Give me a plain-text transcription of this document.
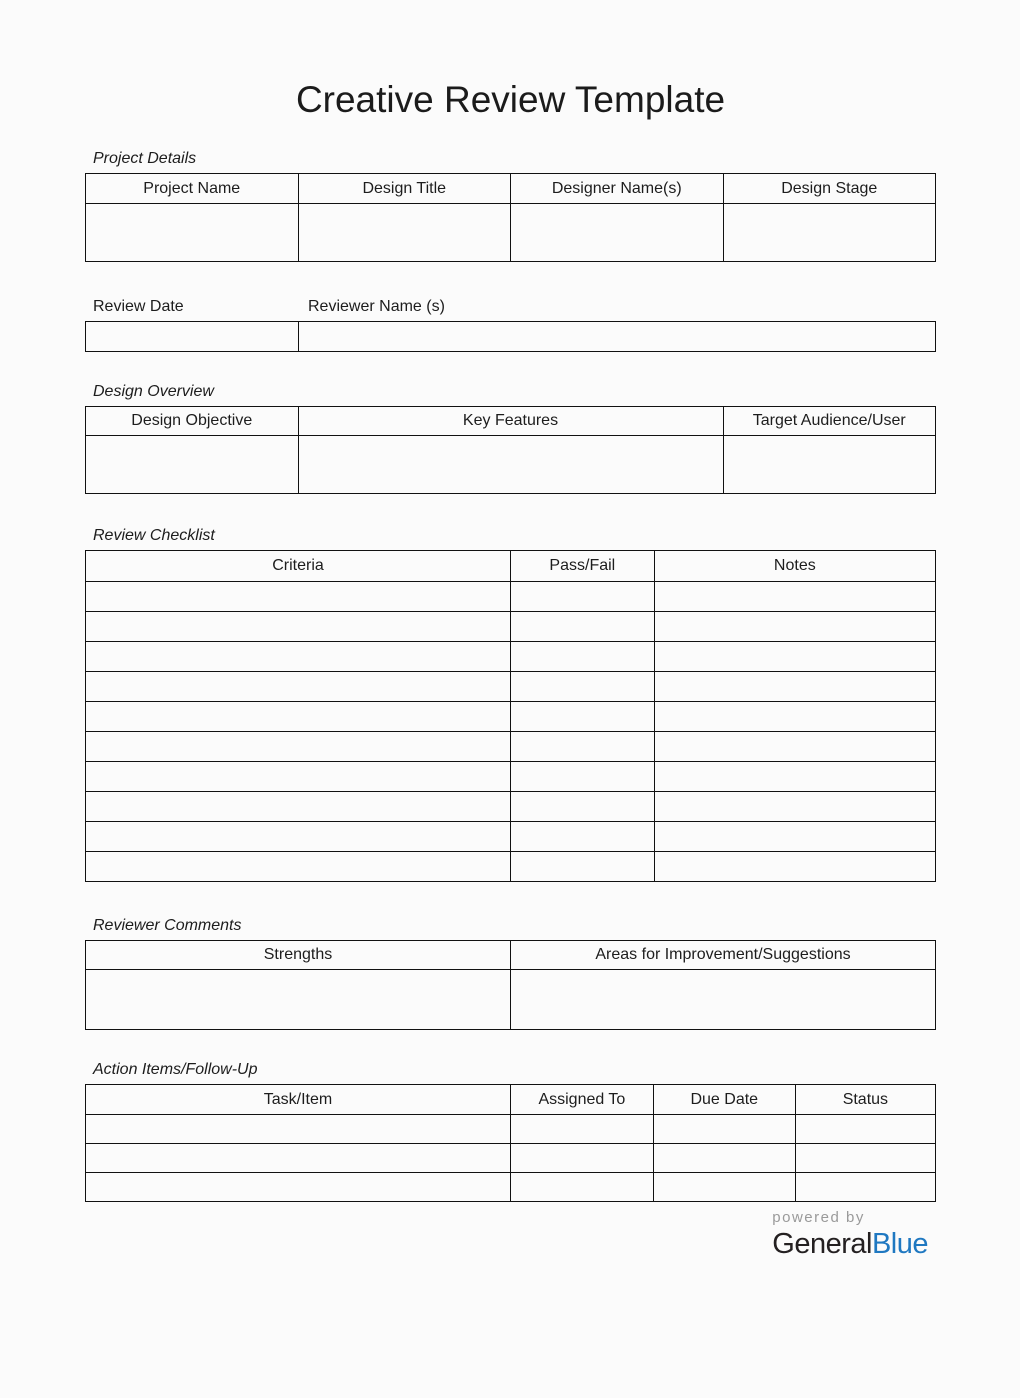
Creative Review Template
Project Details
Project Name	Design Title	Designer Name(s)	Design Stage

Review Date	Reviewer Name (s)

Design Overview
Design Objective	Key Features	Target Audience/User

Review Checklist
Criteria	Pass/Fail	Notes

Reviewer Comments
Strengths	Areas for Improvement/Suggestions

Action Items/Follow-Up
Task/Item	Assigned To	Due Date	Status

powered by
GeneralBlue
